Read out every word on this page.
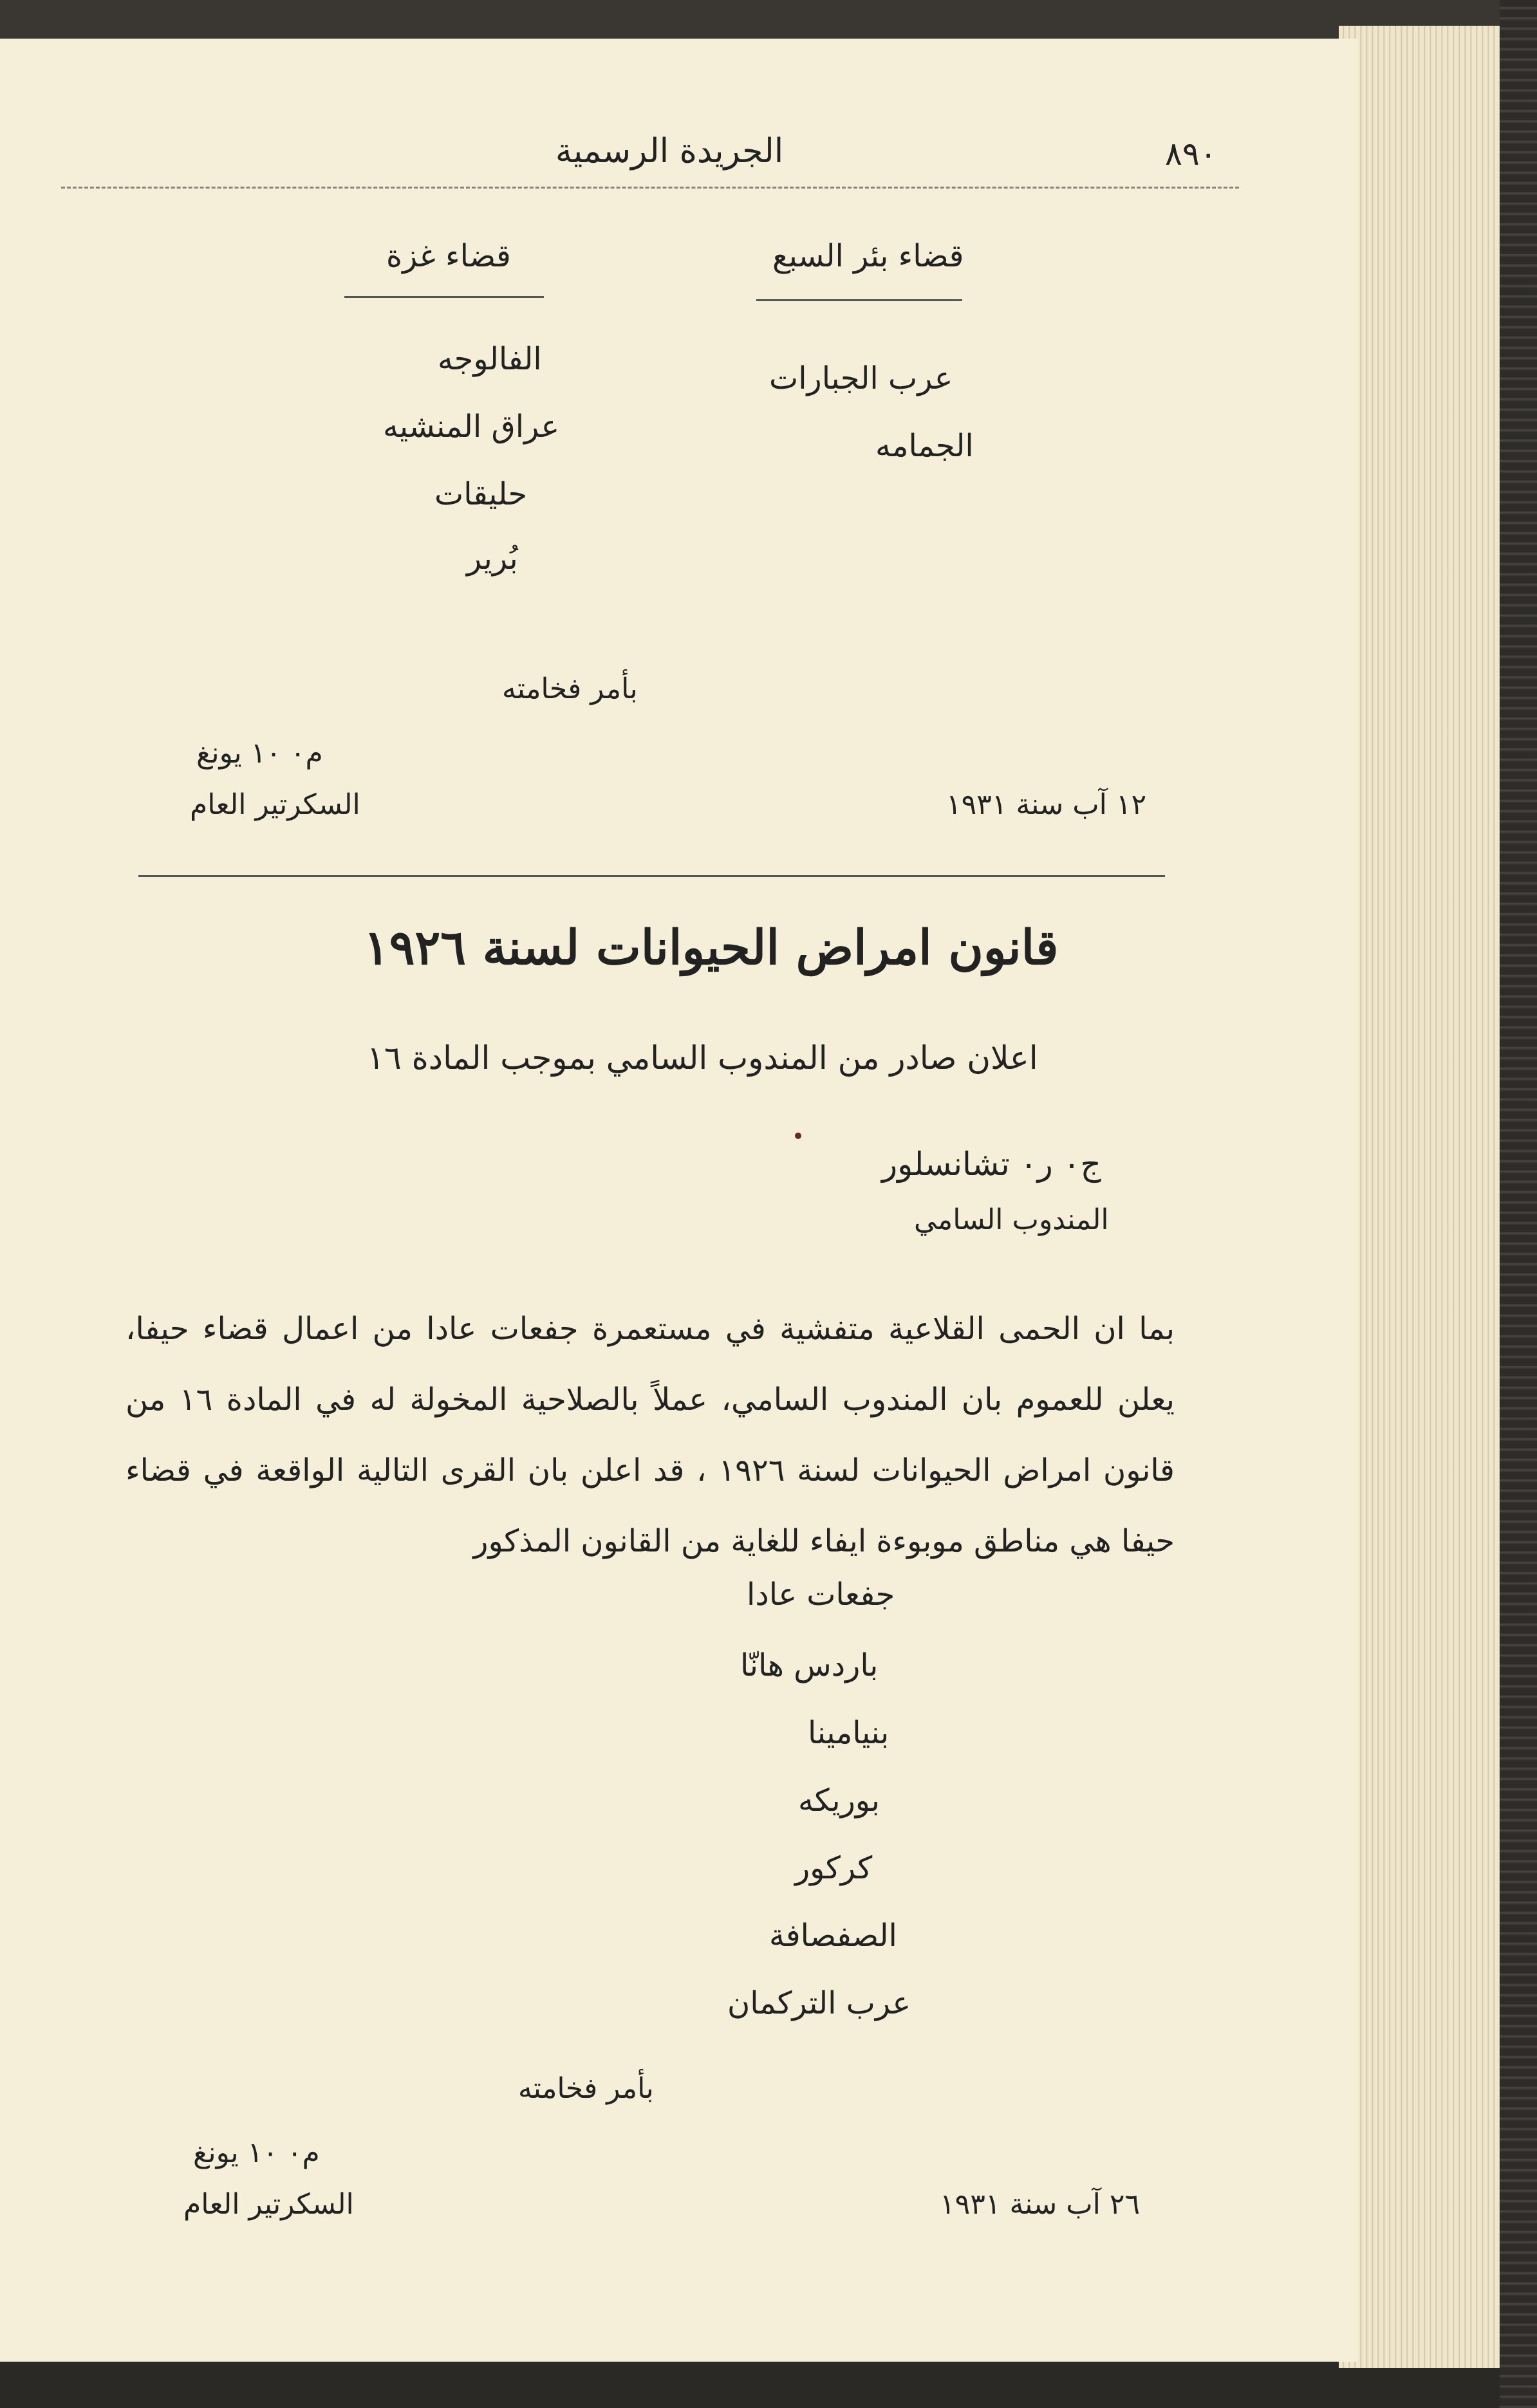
٨٩٠
الجريدة الرسمية
قضاء بئر السبع
عرب الجبارات
الجمامه
قضاء غزة
الفالوجه
عراق المنشيه
حليقات
بُرير
بأمر فخامته
م٠ ١٠ يونغ
١٢ آب سنة ١٩٣١
السكرتير العام
قانون امراض الحيوانات لسنة ١٩٢٦
اعلان صادر من المندوب السامي بموجب المادة ١٦
ج٠ ر٠ تشانسلور
المندوب السامي
بما ان الحمى القلاعية متفشية في مستعمرة جفعات عادا من اعمال قضاء حيفا، يعلن للعموم بان المندوب السامي، عملاً بالصلاحية المخولة له في المادة ١٦ من قانون امراض الحيوانات لسنة ١٩٢٦ ، قد اعلن بان القرى التالية الواقعة في قضاء حيفا هي مناطق موبوءة ايفاء للغاية من القانون المذكور
جفعات عادا
باردس هانّا
بنيامينا
بوريكه
كركور
الصفصافة
عرب التركمان
بأمر فخامته
م٠ ١٠ يونغ
٢٦ آب سنة ١٩٣١
السكرتير العام
